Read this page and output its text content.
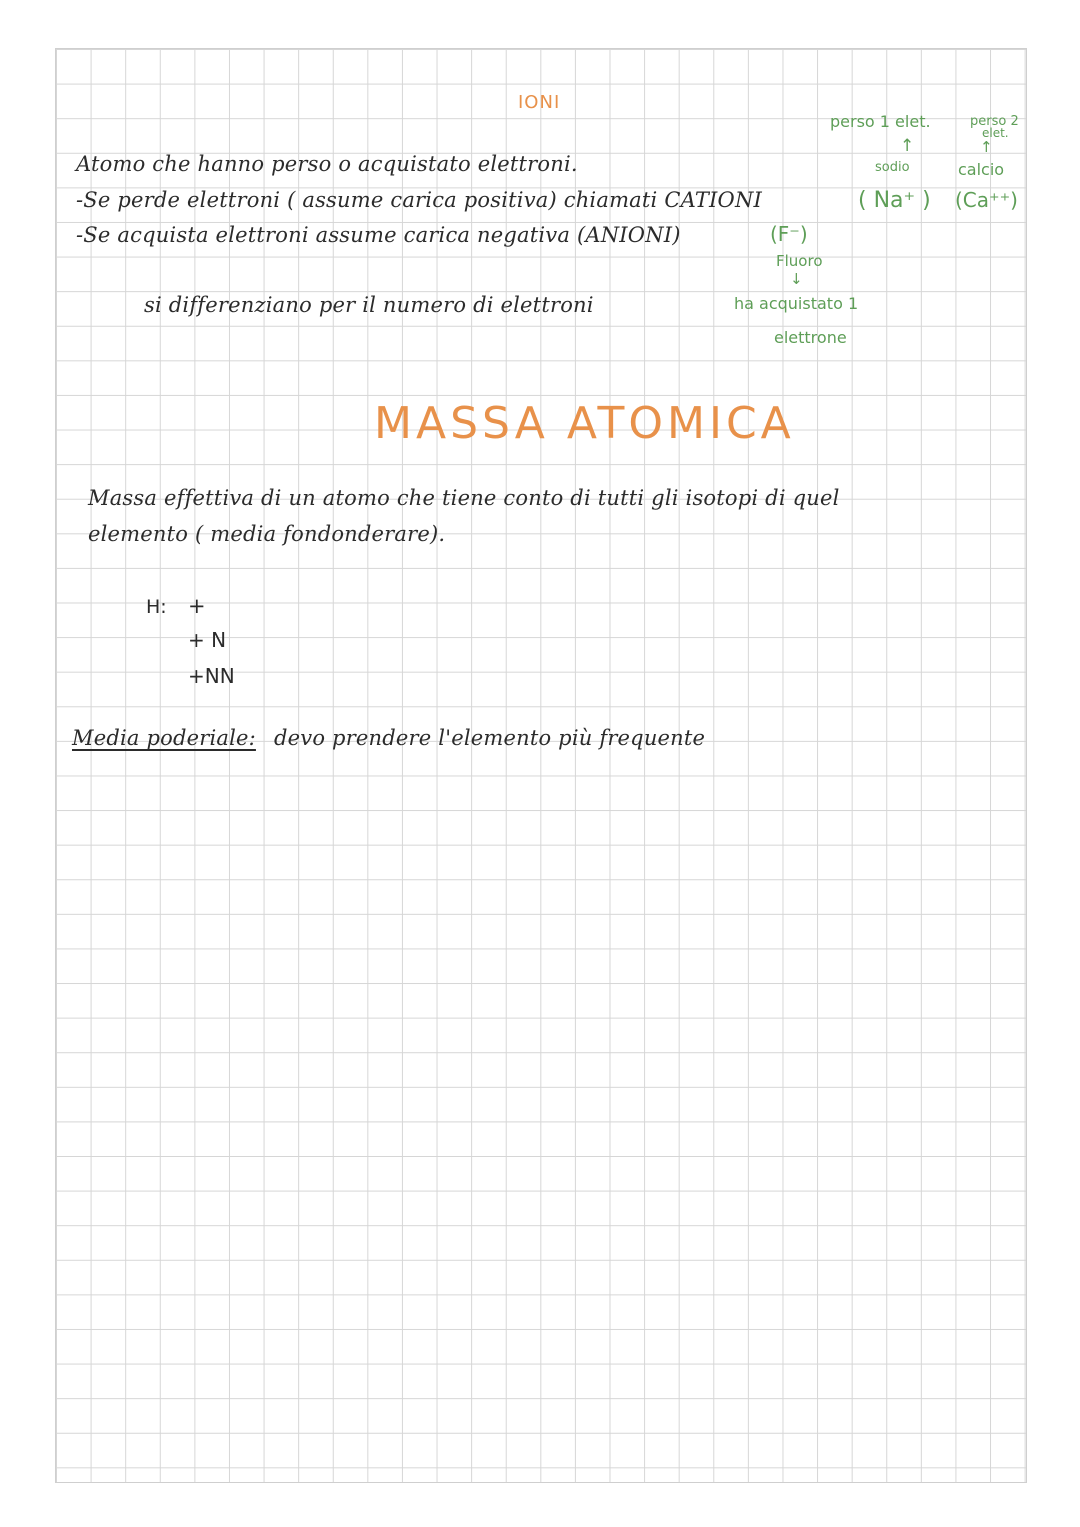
IONI
perso 1 elet.	perso 2
elet.
↑	↑
sodio	calcio
( Na⁺ ) (Ca⁺⁺)
Atomo che hanno perso o acquistato elettroni.
-Se perde elettroni ( assume carica positiva) chiamati CATIONI
-Se acquista elettroni assume carica negativa (ANIONI)	(F⁻)
Fluoro
↓
ha acquistato 1
elettrone
si differenziano per il numero di elettroni
MASSA ATOMICA
Massa effettiva di un atomo che tiene conto di tutti gli isotopi di quel
elemento ( media fondonderare).
H: +
+ N
+NN
Media poderiale: devo prendere l'elemento più frequente
